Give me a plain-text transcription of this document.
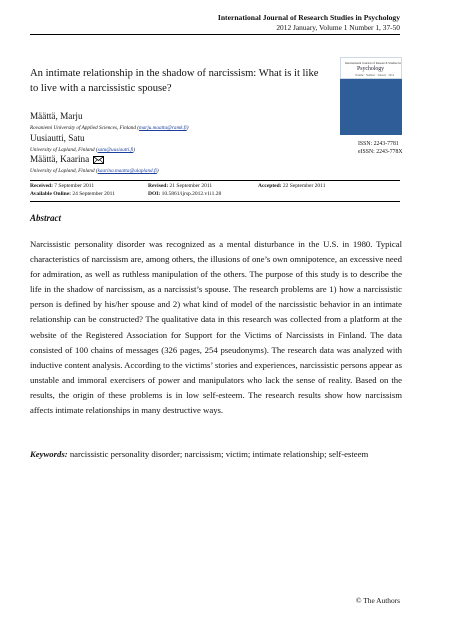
International Journal of Research Studies in Psychology
2012 January, Volume 1 Number 1, 37-50
An intimate relationship in the shadow of narcissism: What is it like to live with a narcissistic spouse?
International Journal of Research Studies in
Psychology
Volume · Number · January · 2012
Määttä, Marju
Rovaniemi University of Applied Sciences, Finland (marju.maatta@ramk.fi)
Uusiautti, Satu
University of Lapland, Finland (satu@uusiautti.fi)
Määttä, Kaarina
University of Lapland, Finland (kaarina.maatta@ulapland.fi)
ISSN: 2243-7781
eISSN: 2243-778X
Received: 7 September 2011	Revised: 21 September 2011	Accepted: 22 September 2011
Available Online: 24 September 2011	DOI: 10.5861/ijrsp.2012.v1i1.28
Abstract
Narcissistic personality disorder was recognized as a mental disturbance in the U.S. in 1980. Typical characteristics of narcissism are, among others, the illusions of one’s own omnipotence, an excessive need for admiration, as well as ruthless manipulation of the others. The purpose of this study is to describe the life in the shadow of narcissism, as a narcissist’s spouse. The research problems are 1) how a narcissistic person is defined by his/her spouse and 2) what kind of model of the narcissistic behavior in an intimate relationship can be constructed? The qualitative data in this research was collected from a platform at the website of the Registered Association for Support for the Victims of Narcissists in Finland. The data consisted of 100 chains of messages (326 pages, 254 pseudonyms). The research data was analyzed with inductive content analysis. According to the victims’ stories and experiences, narcissistic persons appear as unstable and immoral exercisers of power and manipulators who lack the sense of reality. Based on the results, the origin of these problems is in low self-esteem. The research results show how narcissism affects intimate relationships in many destructive ways.
Keywords: narcissistic personality disorder; narcissism; victim; intimate relationship; self-esteem
© The Authors
